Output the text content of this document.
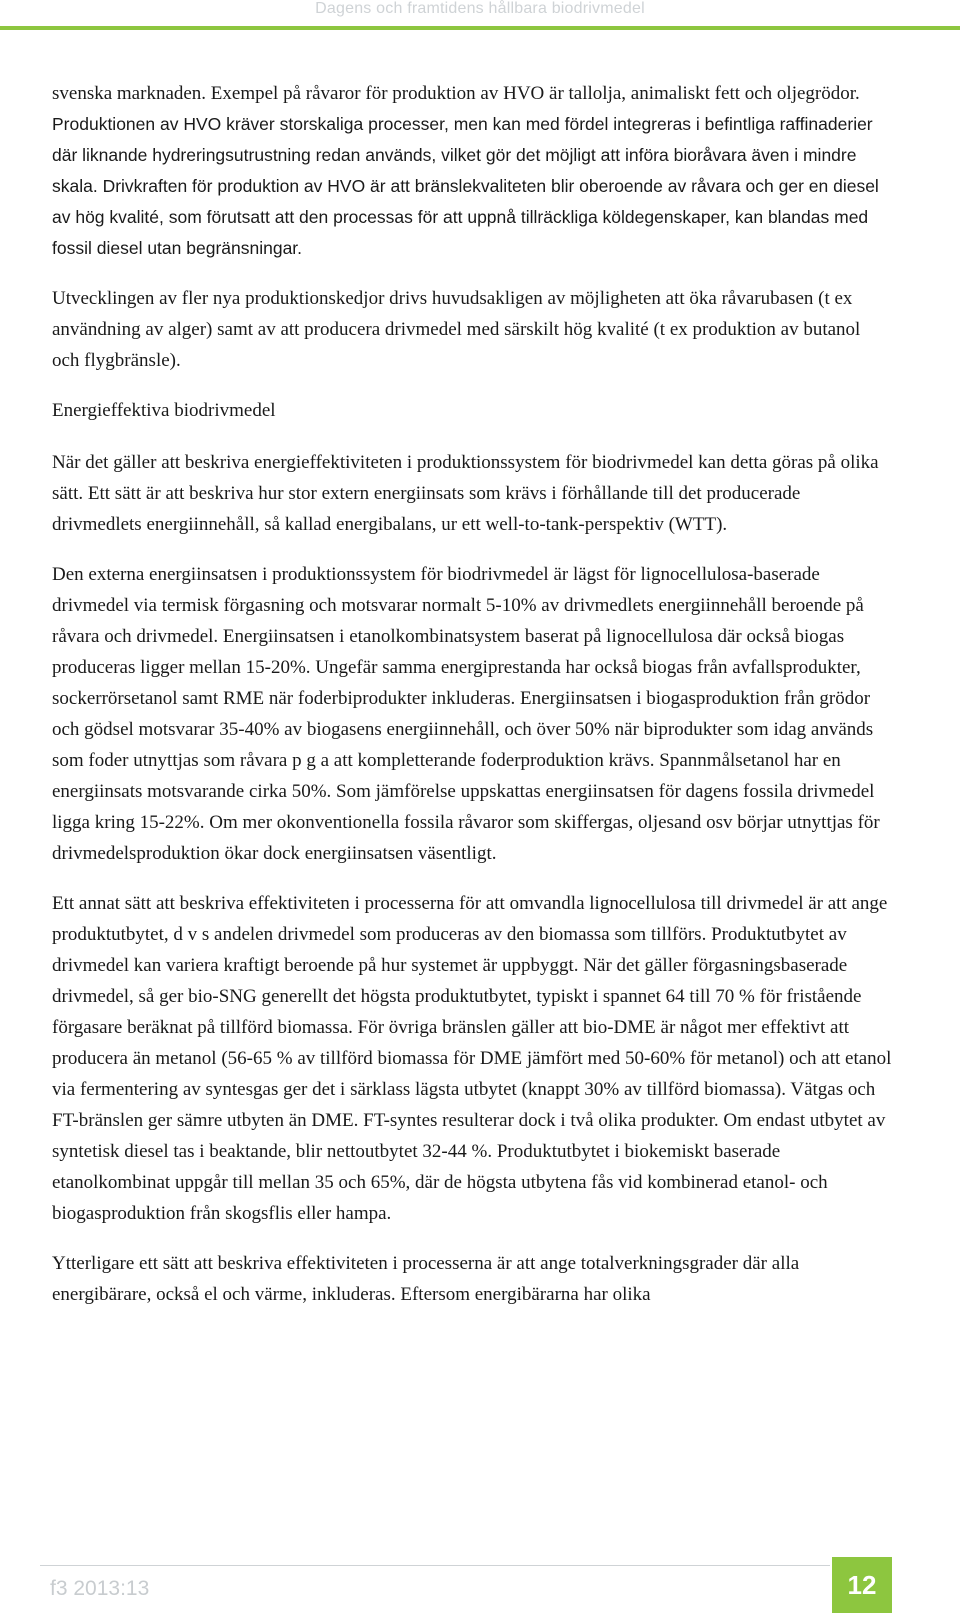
Dagens och framtidens hållbara biodrivmedel

svenska marknaden. Exempel på råvaror för produktion av HVO är tallolja, animaliskt fett och oljegrödor. Produktionen av HVO kräver storskaliga processer, men kan med fördel integreras i befintliga raffinaderier där liknande hydreringsutrustning redan används, vilket gör det möjligt att införa bioråvara även i mindre skala. Drivkraften för produktion av HVO är att bränslekvaliteten blir oberoende av råvara och ger en diesel av hög kvalité, som förutsatt att den processas för att uppnå tillräckliga köldegenskaper, kan blandas med fossil diesel utan begränsningar.

Utvecklingen av fler nya produktionskedjor drivs huvudsakligen av möjligheten att öka råvarubasen (t ex användning av alger) samt av att producera drivmedel med särskilt hög kvalité (t ex produktion av butanol och flygbränsle).

Energieffektiva biodrivmedel

När det gäller att beskriva energieffektiviteten i produktionssystem för biodrivmedel kan detta göras på olika sätt. Ett sätt är att beskriva hur stor extern energiinsats som krävs i förhållande till det producerade drivmedlets energiinnehåll, så kallad energibalans, ur ett well-to-tank-perspektiv (WTT).

Den externa energiinsatsen i produktionssystem för biodrivmedel är lägst för lignocellulosa-baserade drivmedel via termisk förgasning och motsvarar normalt 5-10% av drivmedlets energiinnehåll beroende på råvara och drivmedel. Energiinsatsen i etanolkombinatsystem baserat på lignocellulosa där också biogas produceras ligger mellan 15-20%. Ungefär samma energiprestanda har också biogas från avfallsprodukter, sockerrörsetanol samt RME när foderbiprodukter inkluderas. Energiinsatsen i biogasproduktion från grödor och gödsel motsvarar 35-40% av biogasens energiinnehåll, och över 50% när biprodukter som idag används som foder utnyttjas som råvara p g a att kompletterande foderproduktion krävs. Spannmålsetanol har en energiinsats motsvarande cirka 50%. Som jämförelse uppskattas energiinsatsen för dagens fossila drivmedel ligga kring 15-22%. Om mer okonventionella fossila råvaror som skiffergas, oljesand osv börjar utnyttjas för drivmedelsproduktion ökar dock energiinsatsen väsentligt.

Ett annat sätt att beskriva effektiviteten i processerna för att omvandla lignocellulosa till drivmedel är att ange produktutbytet, d v s andelen drivmedel som produceras av den biomassa som tillförs. Produktutbytet av drivmedel kan variera kraftigt beroende på hur systemet är uppbyggt. När det gäller förgasningsbaserade drivmedel, så ger bio-SNG generellt det högsta produktutbytet, typiskt i spannet 64 till 70 % för fristående förgasare beräknat på tillförd biomassa. För övriga bränslen gäller att bio-DME är något mer effektivt att producera än metanol (56-65 % av tillförd biomassa för DME jämfört med 50-60% för metanol) och att etanol via fermentering av syntesgas ger det i särklass lägsta utbytet (knappt 30% av tillförd biomassa). Vätgas och FT-bränslen ger sämre utbyten än DME. FT-syntes resulterar dock i två olika produkter. Om endast utbytet av syntetisk diesel tas i beaktande, blir nettoutbytet 32-44 %. Produktutbytet i biokemiskt baserade etanolkombinat uppgår till mellan 35 och 65%, där de högsta utbytena fås vid kombinerad etanol- och biogasproduktion från skogsflis eller hampa.

Ytterligare ett sätt att beskriva effektiviteten i processerna är att ange totalverkningsgrader där alla energibärare, också el och värme, inkluderas. Eftersom energibärarna har olika

f3 2013:13	12
